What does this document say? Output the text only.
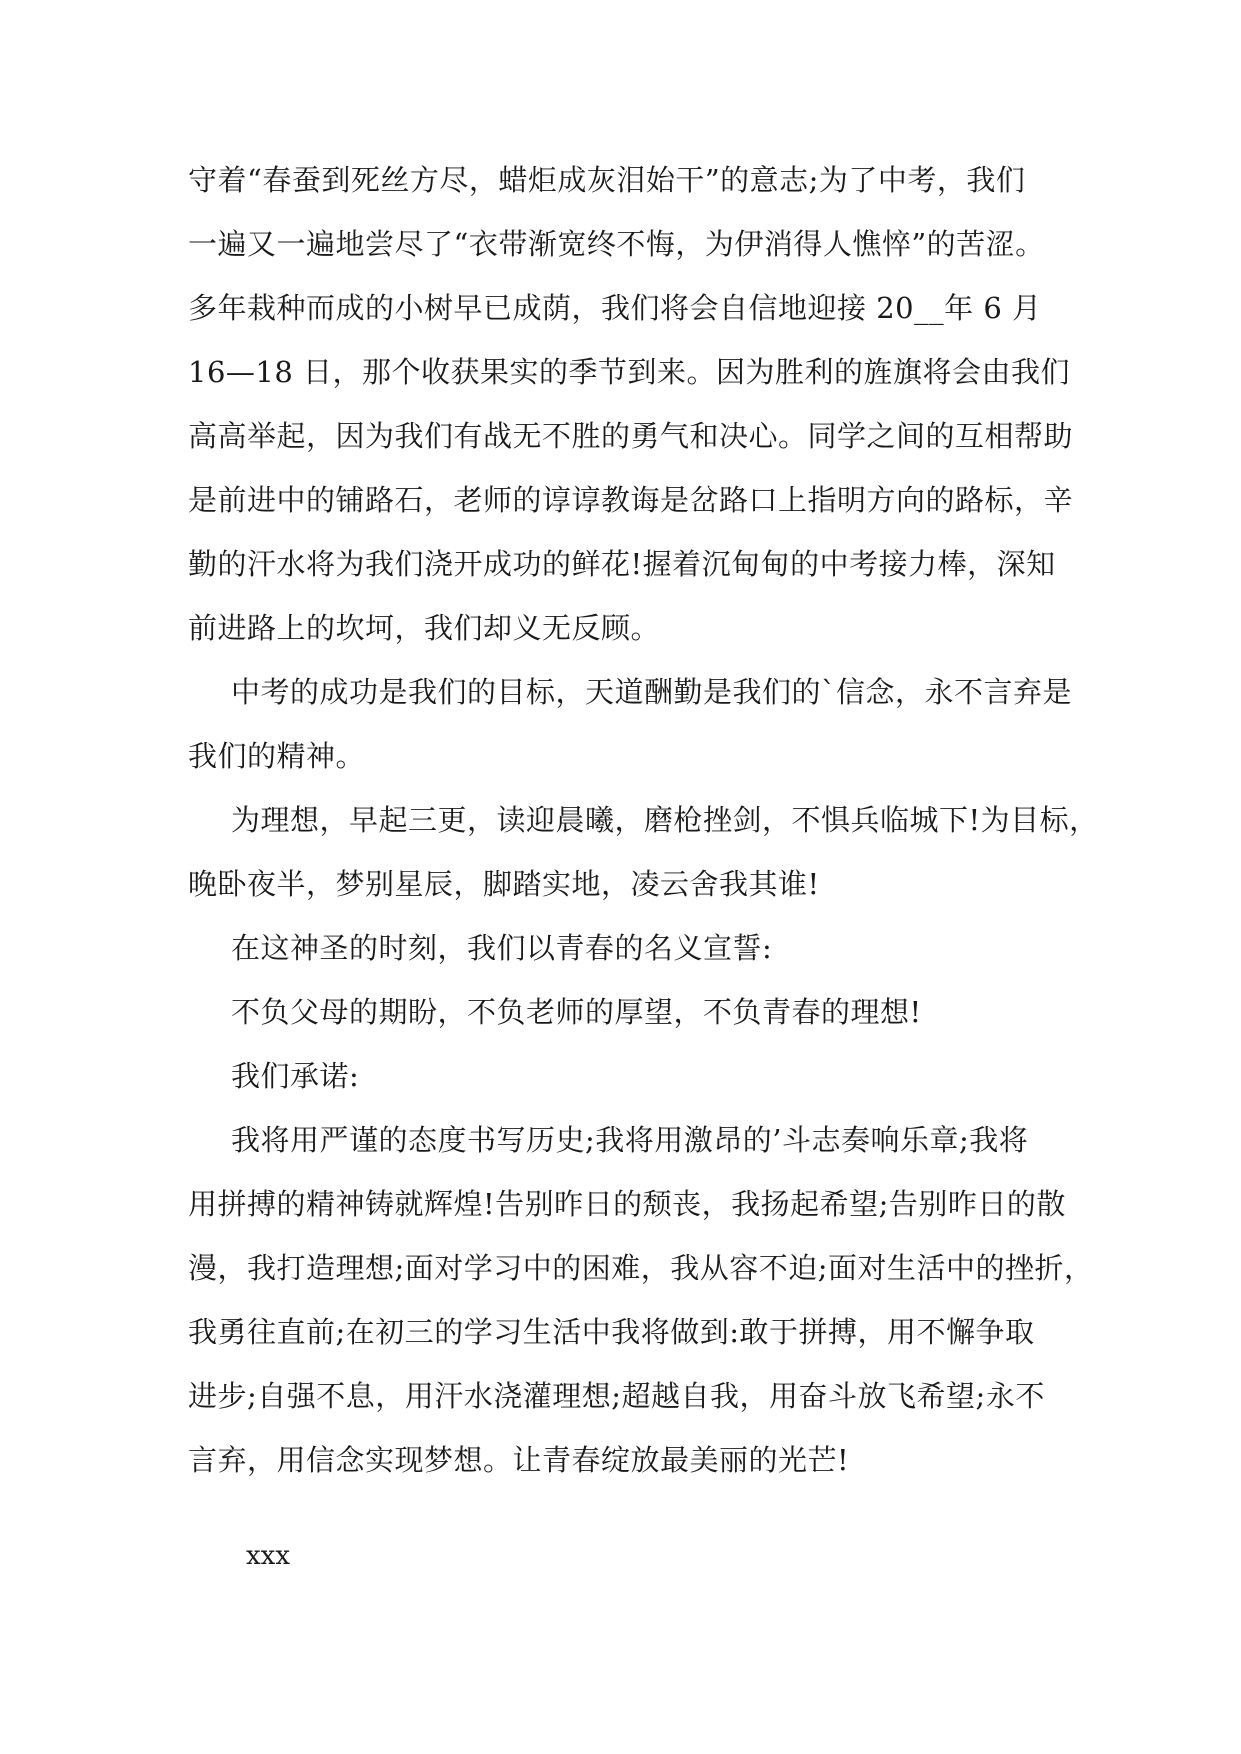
守着“春蚕到死丝方尽，蜡炬成灰泪始干”的意志;为了中考，我们
一遍又一遍地尝尽了“衣带渐宽终不悔，为伊消得人憔悴”的苦涩。
多年栽种而成的小树早已成荫，我们将会自信地迎接 20__年 6 月
16—18 日，那个收获果实的季节到来。因为胜利的旌旗将会由我们
高高举起，因为我们有战无不胜的勇气和决心。同学之间的互相帮助
是前进中的铺路石，老师的谆谆教诲是岔路口上指明方向的路标，辛
勤的汗水将为我们浇开成功的鲜花!握着沉甸甸的中考接力棒，深知
前进路上的坎坷，我们却义无反顾。
中考的成功是我们的目标，天道酬勤是我们的`信念，永不言弃是
我们的精神。
为理想，早起三更，读迎晨曦，磨枪挫剑，不惧兵临城下!为目标，
晚卧夜半，梦别星辰，脚踏实地，凌云舍我其谁!
在这神圣的时刻，我们以青春的名义宣誓:
不负父母的期盼，不负老师的厚望，不负青春的理想!
我们承诺:
我将用严谨的态度书写历史;我将用激昂的’斗志奏响乐章;我将
用拼搏的精神铸就辉煌!告别昨日的颓丧，我扬起希望;告别昨日的散
漫，我打造理想;面对学习中的困难，我从容不迫;面对生活中的挫折，
我勇往直前;在初三的学习生活中我将做到:敢于拼搏，用不懈争取
进步;自强不息，用汗水浇灌理想;超越自我，用奋斗放飞希望;永不
言弃，用信念实现梦想。让青春绽放最美丽的光芒!
xxx
